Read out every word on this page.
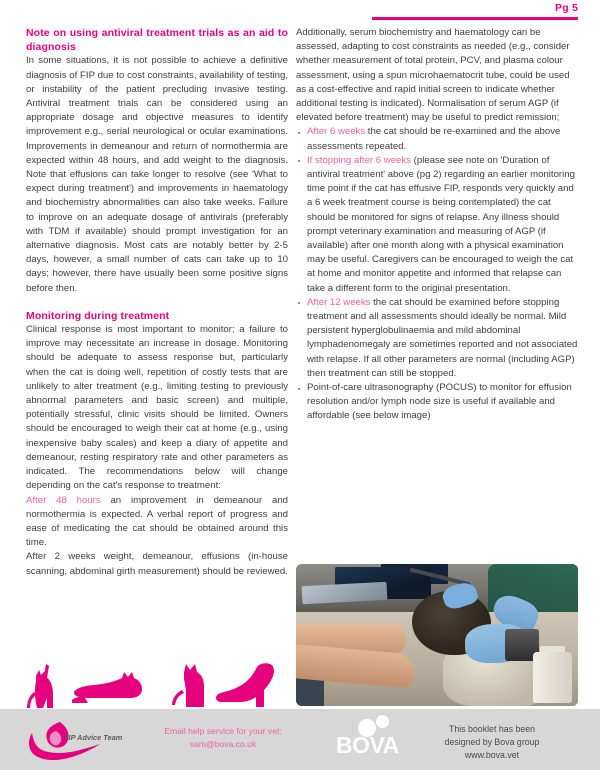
Pg 5
Note on using antiviral treatment trials as an aid to diagnosis

In some situations, it is not possible to achieve a definitive diagnosis of FIP due to cost constraints, availability of testing, or instability of the patient precluding invasive testing. Antiviral treatment trials can be considered using an appropriate dosage and objective measures to identify improvement e.g., serial neurological or ocular examinations. Improvements in demeanour and return of normothermia are expected within 48 hours, and add weight to the diagnosis. Note that effusions can take longer to resolve (see 'What to expect during treatment') and improvements in haematology and biochemistry abnormalities can also take weeks. Failure to improve on an adequate dosage of antivirals (preferably with TDM if available) should prompt investigation for an alternative diagnosis. Most cats are notably better by 2-5 days, however, a small number of cats can take up to 10 days; however, there have usually been some positive signs before then.

Monitoring during treatment

Clinical response is most important to monitor; a failure to improve may necessitate an increase in dosage. Monitoring should be adequate to assess response but, particularly when the cat is doing well, repetition of costly tests that are unlikely to alter treatment (e.g., limiting testing to previously abnormal parameters and basic screen) and multiple, potentially stressful, clinic visits should be limited. Owners should be encouraged to weigh their cat at home (e.g., using inexpensive baby scales) and keep a diary of appetite and demeanour, resting respiratory rate and other parameters as indicated. The recommendations below will change depending on the cat's response to treatment:

After 48 hours an improvement in demeanour and normothermia is expected. A verbal report of progress and ease of medicating the cat should be obtained around this time.

After 2 weeks weight, demeanour, effusions (in-house scanning, abdominal girth measurement) should be reviewed.

Additionally, serum biochemistry and haematology can be assessed, adapting to cost constraints as needed (e.g., consider whether measurement of total protein, PCV, and plasma colour assessment, using a spun microhaematocrit tube, could be used as a cost-effective and rapid initial screen to indicate whether additional testing is indicated). Normalisation of serum AGP (if elevated before treatment) may be useful to predict remission;

After 6 weeks the cat should be re-examined and the above assessments repeated.
If stopping after 6 weeks (please see note on 'Duration of antiviral treatment' above (pg 2) regarding an earlier monitoring time point if the cat has effusive FIP, responds very quickly and a 6 week treatment course is being contemplated) the cat should be monitored for signs of relapse. Any illness should prompt veterinary examination and measuring of AGP (if available) after one month along with a physical examination may be useful. Caregivers can be encouraged to weigh the cat at home and monitor appetite and informed that relapse can take a different form to the original presentation.
After 12 weeks the cat should be examined before stopping treatment and all assessments should ideally be normal. Mild persistent hyperglobulinaemia and mild abdominal lymphadenomegaly are sometimes reported and not associated with relapse. If all other parameters are normal (including AGP) then treatment can still be stopped.
Point-of-care ultrasonography (POCUS) to monitor for effusion resolution and/or lymph node size is useful if available and affordable (see below image)
FIP Advice Team
Email help service for your vet:
sam@bova.co.uk	BOVA
This booklet has been
designed by Bova group
www.bova.vet
